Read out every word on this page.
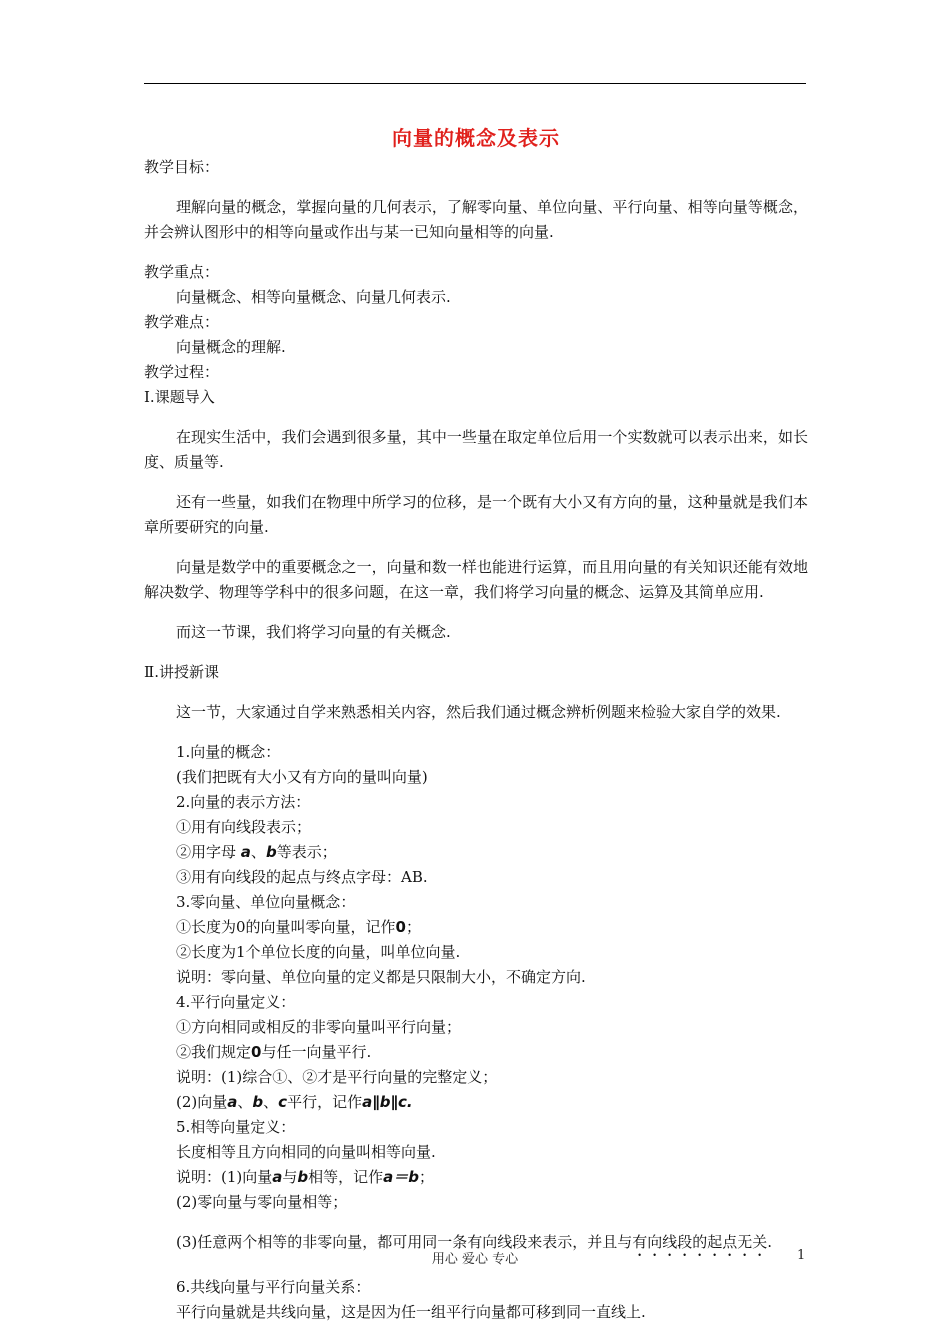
向量的概念及表示

教学目标：

理解向量的概念，掌握向量的几何表示，了解零向量、单位向量、平行向量、相等向量等概念，并会辨认图形中的相等向量或作出与某一已知向量相等的向量.

教学重点：

向量概念、相等向量概念、向量几何表示.

教学难点：

向量概念的理解.

教学过程：

Ⅰ.课题导入

在现实生活中，我们会遇到很多量，其中一些量在取定单位后用一个实数就可以表示出来，如长度、质量等.

还有一些量，如我们在物理中所学习的位移，是一个既有大小又有方向的量，这种量就是我们本章所要研究的向量.

向量是数学中的重要概念之一，向量和数一样也能进行运算，而且用向量的有关知识还能有效地解决数学、物理等学科中的很多问题，在这一章，我们将学习向量的概念、运算及其简单应用.

而这一节课，我们将学习向量的有关概念.

Ⅱ.讲授新课

这一节，大家通过自学来熟悉相关内容，然后我们通过概念辨析例题来检验大家自学的效果.

1.向量的概念：

(我们把既有大小又有方向的量叫向量)

2.向量的表示方法：

①用有向线段表示；

②用字母 a、b等表示；

③用有向线段的起点与终点字母：AB.

3.零向量、单位向量概念：

①长度为0的向量叫零向量，记作0；

②长度为1个单位长度的向量，叫单位向量.

说明：零向量、单位向量的定义都是只限制大小，不确定方向.

4.平行向量定义：

①方向相同或相反的非零向量叫平行向量；

②我们规定0与任一向量平行.

说明：(1)综合①、②才是平行向量的完整定义；

(2)向量a、b、c平行，记作a∥b∥c.

5.相等向量定义：

长度相等且方向相同的向量叫相等向量.

说明：(1)向量a与b相等，记作a＝b；

(2)零向量与零向量相等；

(3)任意两个相等的非零向量，都可用同一条有向线段来表示，并且与有向线段的起点无关.

6.共线向量与平行向量关系：

平行向量就是共线向量，这是因为任一组平行向量都可移到同一直线上.

用心 爱心 专心	1
